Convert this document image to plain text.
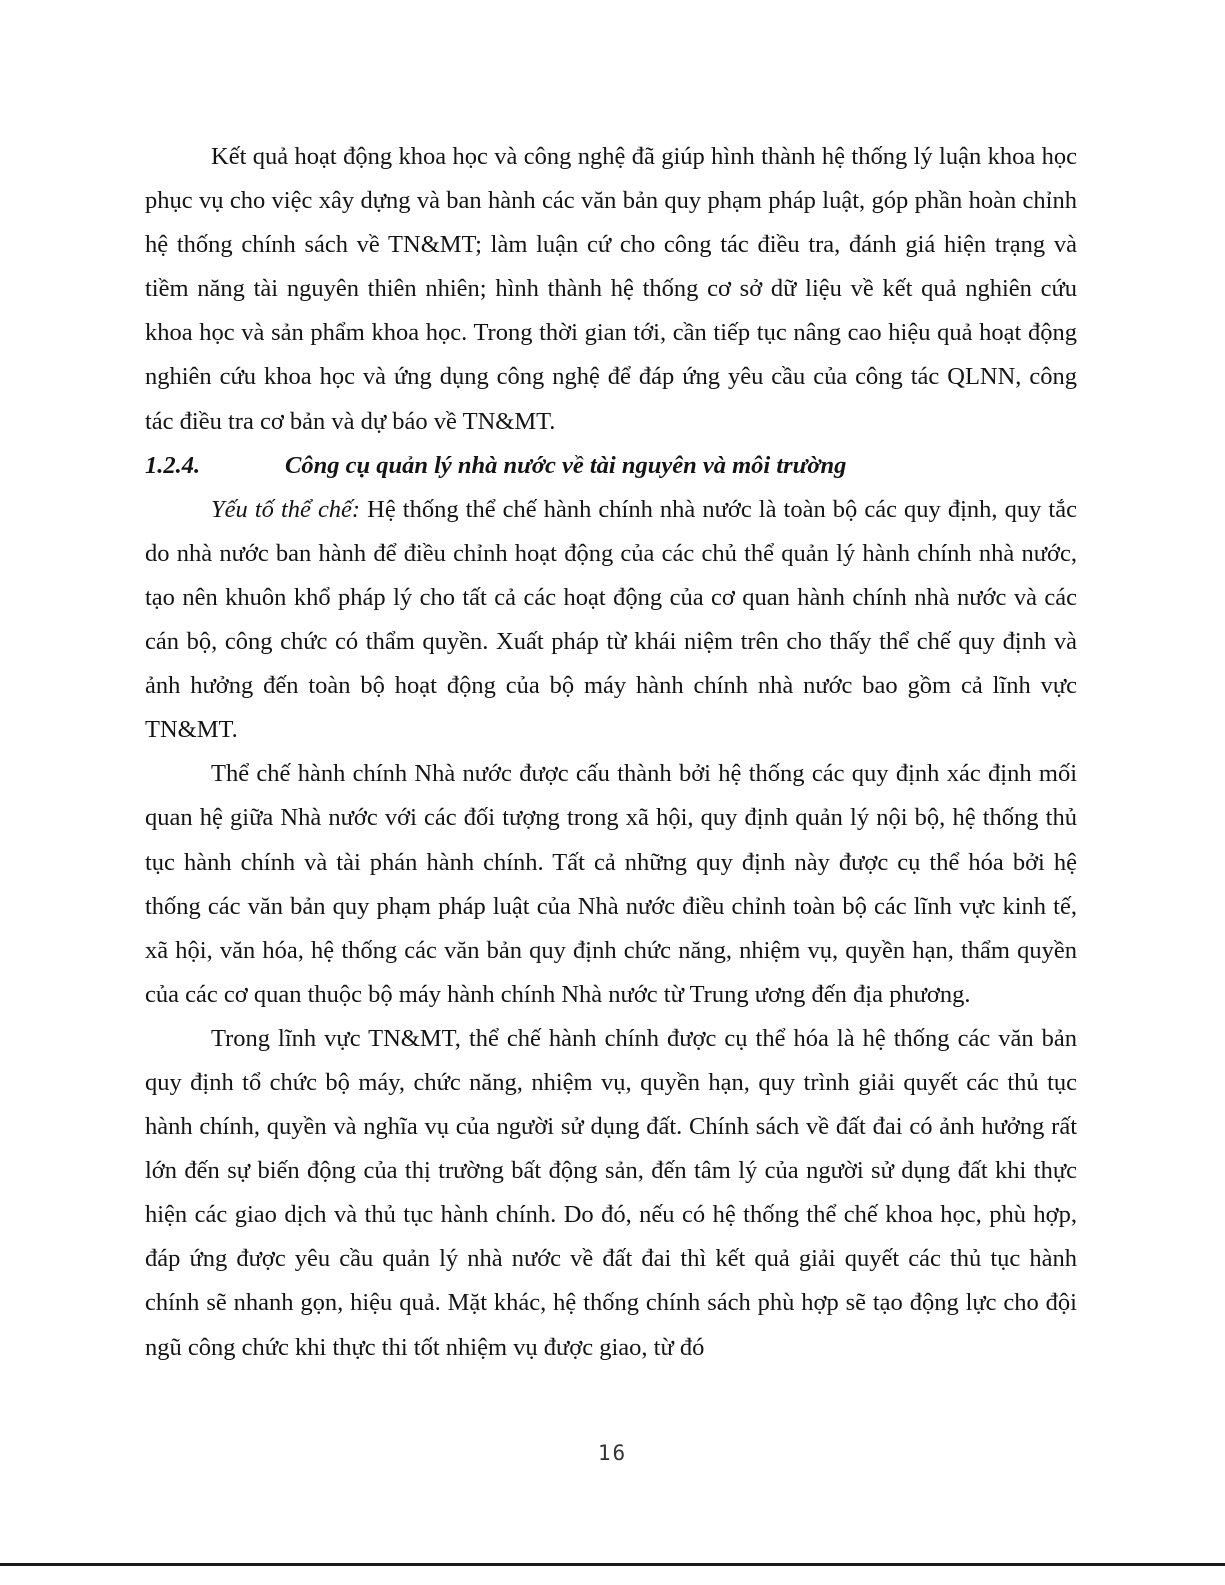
Kết quả hoạt động khoa học và công nghệ đã giúp hình thành hệ thống lý luận khoa học phục vụ cho việc xây dựng và ban hành các văn bản quy phạm pháp luật, góp phần hoàn chỉnh hệ thống chính sách về TN&MT; làm luận cứ cho công tác điều tra, đánh giá hiện trạng và tiềm năng tài nguyên thiên nhiên; hình thành hệ thống cơ sở dữ liệu về kết quả nghiên cứu khoa học và sản phẩm khoa học. Trong thời gian tới, cần tiếp tục nâng cao hiệu quả hoạt động nghiên cứu khoa học và ứng dụng công nghệ để đáp ứng yêu cầu của công tác QLNN, công tác điều tra cơ bản và dự báo về TN&MT.

1.2.4.	Công cụ quản lý nhà nước về tài nguyên và môi trường

Yếu tố thể chế: Hệ thống thể chế hành chính nhà nước là toàn bộ các quy định, quy tắc do nhà nước ban hành để điều chỉnh hoạt động của các chủ thể quản lý hành chính nhà nước, tạo nên khuôn khổ pháp lý cho tất cả các hoạt động của cơ quan hành chính nhà nước và các cán bộ, công chức có thẩm quyền. Xuất pháp từ khái niệm trên cho thấy thể chế quy định và ảnh hưởng đến toàn bộ hoạt động của bộ máy hành chính nhà nước bao gồm cả lĩnh vực TN&MT.

Thể chế hành chính Nhà nước được cấu thành bởi hệ thống các quy định xác định mối quan hệ giữa Nhà nước với các đối tượng trong xã hội, quy định quản lý nội bộ, hệ thống thủ tục hành chính và tài phán hành chính. Tất cả những quy định này được cụ thể hóa bởi hệ thống các văn bản quy phạm pháp luật của Nhà nước điều chỉnh toàn bộ các lĩnh vực kinh tế, xã hội, văn hóa, hệ thống các văn bản quy định chức năng, nhiệm vụ, quyền hạn, thẩm quyền của các cơ quan thuộc bộ máy hành chính Nhà nước từ Trung ương đến địa phương.

Trong lĩnh vực TN&MT, thể chế hành chính được cụ thể hóa là hệ thống các văn bản quy định tổ chức bộ máy, chức năng, nhiệm vụ, quyền hạn, quy trình giải quyết các thủ tục hành chính, quyền và nghĩa vụ của người sử dụng đất. Chính sách về đất đai có ảnh hưởng rất lớn đến sự biến động của thị trường bất động sản, đến tâm lý của người sử dụng đất khi thực hiện các giao dịch và thủ tục hành chính. Do đó, nếu có hệ thống thể chế khoa học, phù hợp, đáp ứng được yêu cầu quản lý nhà nước về đất đai thì kết quả giải quyết các thủ tục hành chính sẽ nhanh gọn, hiệu quả. Mặt khác, hệ thống chính sách phù hợp sẽ tạo động lực cho đội ngũ công chức khi thực thi tốt nhiệm vụ được giao, từ đó

16
